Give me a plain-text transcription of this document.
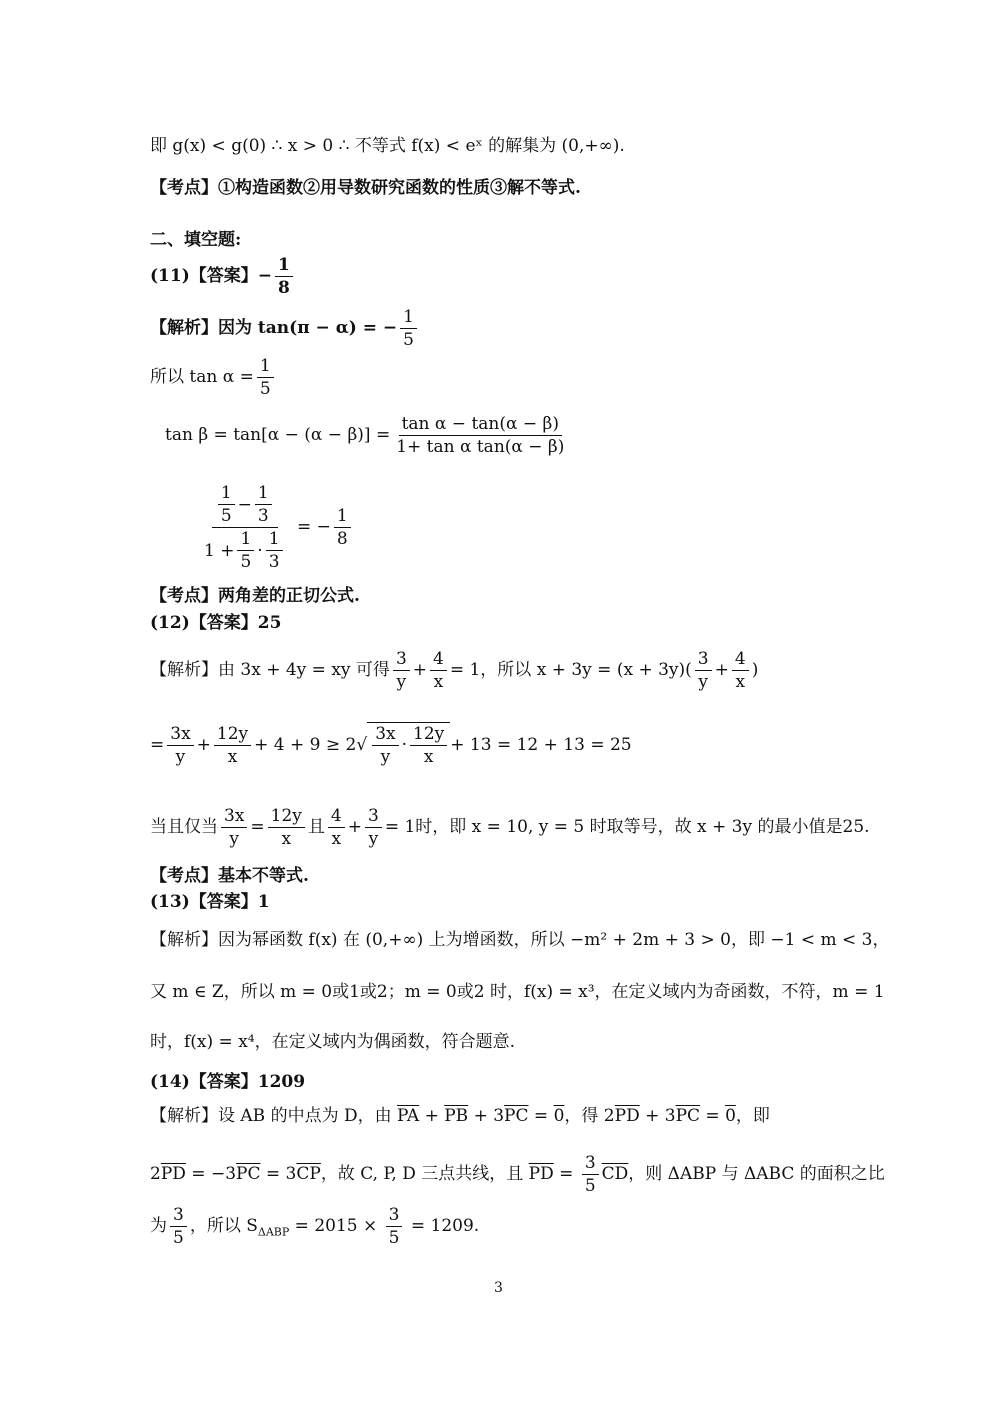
即 g(x) < g(0) ∴ x > 0 ∴ 不等式 f(x) < eˣ 的解集为 (0,+∞).
【考点】①构造函数②用导数研究函数的性质③解不等式.
二、填空题:
(11)【答案】− $\frac{1}{8}$
【解析】因为 tan(π − α) = − $\frac{1}{5}$
所以 $\tan \alpha = \frac{1}{5}$
$\tan \beta = \tan[\alpha - (\alpha - \beta)] = \frac{\text{tan α − tan(α − β)}}{\text{1+ tan α tan(α − β)}}$
$\frac{\frac{1}{5} - \frac{1}{3}}{1 + \frac{1}{5} \cdot \frac{1}{3}}$ = − $\frac{1}{8}$
【考点】两角差的正切公式.
(12)【答案】25
【解析】由 3x + 4y = xy 可得 $\frac{3}{y} + \frac{4}{x} = 1$，所以 $x + 3y = (x + 3y)( \frac{3}{y} + \frac{4}{x}$ )
= $\frac{3x}{y} + \frac{12y}{x} + 4 + 9 \ge 2√ \frac{3x}{y} \cdot \frac{12y}{x} + 13 = 12 + 13 = 25$
当且仅当 $\frac{3x}{y} = \frac{12y}{x}$ 且 $\frac{4}{x} + \frac{3}{y} = 1$时，即 x = 10, y = 5 时取等号，故 x + 3y 的最小值是25.
【考点】基本不等式.
(13)【答案】1
【解析】因为幂函数 f(x) 在 (0,+∞) 上为增函数，所以 −m² + 2m + 3 > 0，即 −1 < m < 3，
又 m ∈ Z，所以 m = 0或1或2；m = 0或2 时，f(x) = x³，在定义域内为奇函数，不符，m = 1
时，f(x) = x⁴，在定义域内为偶函数，符合题意.
(14)【答案】1209
【解析】设 AB 的中点为 D，由 $\overline{PA} + \overline{PB} + 3\overline{PC} = 0$，得 $2\overline{PD} + 3\overline{PC} = 0$，即
$2\overline{PD} = -3\overline{PC} = 3\overline{CP}$，故 C, P, D 三点共线，且 $\overline{PD} = \frac{3}{5} \overline{CD}$，则 ΔABP 与 ΔABC 的面积之比
为 $\frac{3}{5}$ ，所以 $S_{\Delta ABP} = 2015 \times \frac{3}{5} = 1209$.
3
